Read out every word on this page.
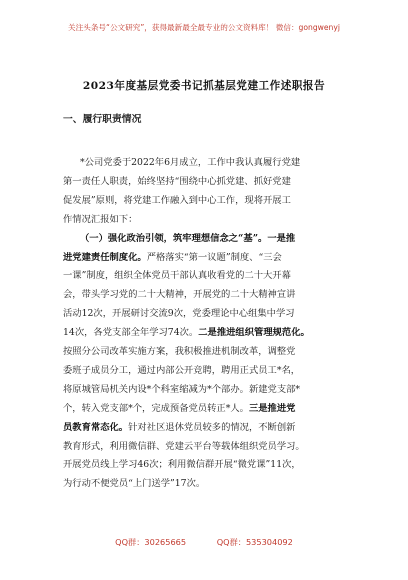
关注头条号“公文研究”，获得最新最全最专业的公文资料库！ 微信：gongwenyj
2023年度基层党委书记抓基层党建工作述职报告
一、履行职责情况
*公司党委于2022年6月成立，工作中我认真履行党建
第一责任人职责，始终坚持“围绕中心抓党建、抓好党建
促发展”原则，将党建工作融入到中心工作，现将开展工
作情况汇报如下：
（一）强化政治引领，筑牢理想信念之“基”。一是推
进党建责任制度化。严格落实“第一议题”制度、“三会
一课”制度，组织全体党员干部认真收看党的二十大开幕
会，带头学习党的二十大精神，开展党的二十大精神宣讲
活动12次，开展研讨交流9次，党委理论中心组集中学习
14次，各党支部全年学习74次。二是推进组织管理规范化。
按照分公司改革实施方案，我积极推进机制改革，调整党
委班子成员分工，通过内部公开竞聘，聘用正式员工*名，
将原城管局机关内设*个科室缩减为*个部办。新建党支部*
个，转入党支部*个，完成预备党员转正*人。三是推进党
员教育常态化。针对社区退休党员较多的情况，不断创新
教育形式，利用微信群、党建云平台等载体组织党员学习。
开展党员线上学习46次；利用微信群开展“微党课”11次，
为行动不便党员“上门送学”17次。
QQ群：30265665	QQ群：535304092
